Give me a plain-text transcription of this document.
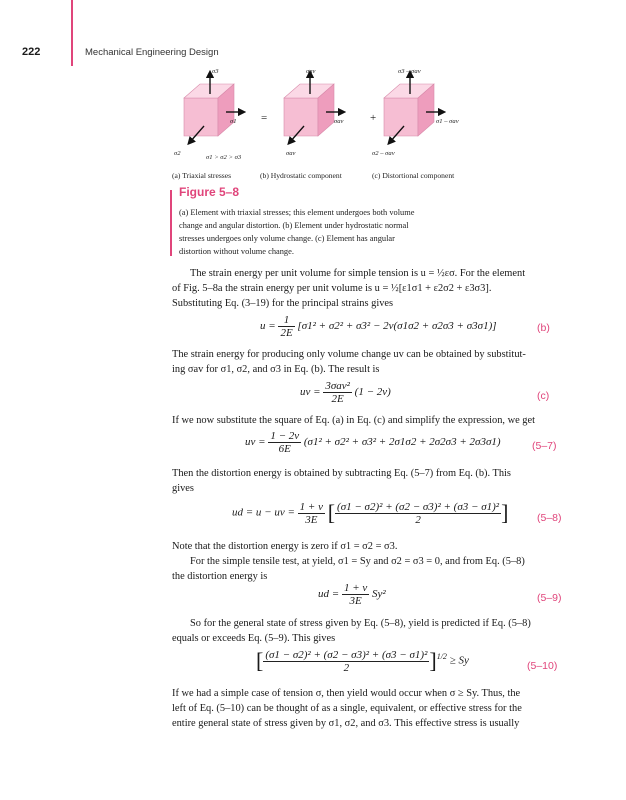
222	Mechanical Engineering Design
σ3
σ1
σ2
σ1 > σ2 > σ3
=
σav
σav
σav
+
σ3 – σav
σ1 – σav
σ2 – σav
(a) Triaxial stresses	(b) Hydrostatic component	(c) Distortional component
Figure 5–8
(a) Element with triaxial stresses; this element undergoes both volume
change and angular distortion. (b) Element under hydrostatic normal
stresses undergoes only volume change. (c) Element has angular
distortion without volume change.
The strain energy per unit volume for simple tension is u = ½εσ. For the element
of Fig. 5–8a the strain energy per unit volume is u = ½[ε1σ1 + ε2σ2 + ε3σ3].
Substituting Eq. (3–19) for the principal strains gives
$u = \frac{1}{2E} [\sigma 1^2 + \sigma 2^2 + \sigma 3^2 - 2\nu(\sigma 1\sigma 2 + \sigma 2\sigma 3 + \sigma 3\sigma 1)]$	(b)
The strain energy for producing only volume change uv can be obtained by substitut-
ing σav for σ1, σ2, and σ3 in Eq. (b). The result is
uv = $\frac{\text{3σav²}}{2E} (1 - 2\nu)$	(c)
If we now substitute the square of Eq. (a) in Eq. (c) and simplify the expression, we get
uv = $\frac{1 - 2\nu}{6E} (\sigma 1^2 + \sigma 2^2 + \sigma 3^2 + 2\sigma 1\sigma 2 + 2\sigma 2\sigma 3 + 2\sigma 3\sigma 1)$	(5–7)
Then the distortion energy is obtained by subtracting Eq. (5–7) from Eq. (b). This
gives
ud = u − uv = $\frac{1 + \nu}{3E}$ [ $\frac{\text{(σ1 − σ2)² + (σ2 − σ3)² + (σ3 − σ1)²}}{2}$ ]	(5–8)
Note that the distortion energy is zero if σ1 = σ2 = σ3.
For the simple tensile test, at yield, σ1 = Sy and σ2 = σ3 = 0, and from Eq. (5–8)
the distortion energy is
ud = $\frac{1 + \nu}{3E} Sy^2$	(5–9)
So for the general state of stress given by Eq. (5–8), yield is predicted if Eq. (5–8)
equals or exceeds Eq. (5–9). This gives
[ $\frac{\text{(σ1 − σ2)² + (σ2 − σ3)² + (σ3 − σ1)²}}{2} ]^{1/2} \ge Sy$	(5–10)
If we had a simple case of tension σ, then yield would occur when σ ≥ Sy. Thus, the
left of Eq. (5–10) can be thought of as a single, equivalent, or effective stress for the
entire general state of stress given by σ1, σ2, and σ3. This effective stress is usually
